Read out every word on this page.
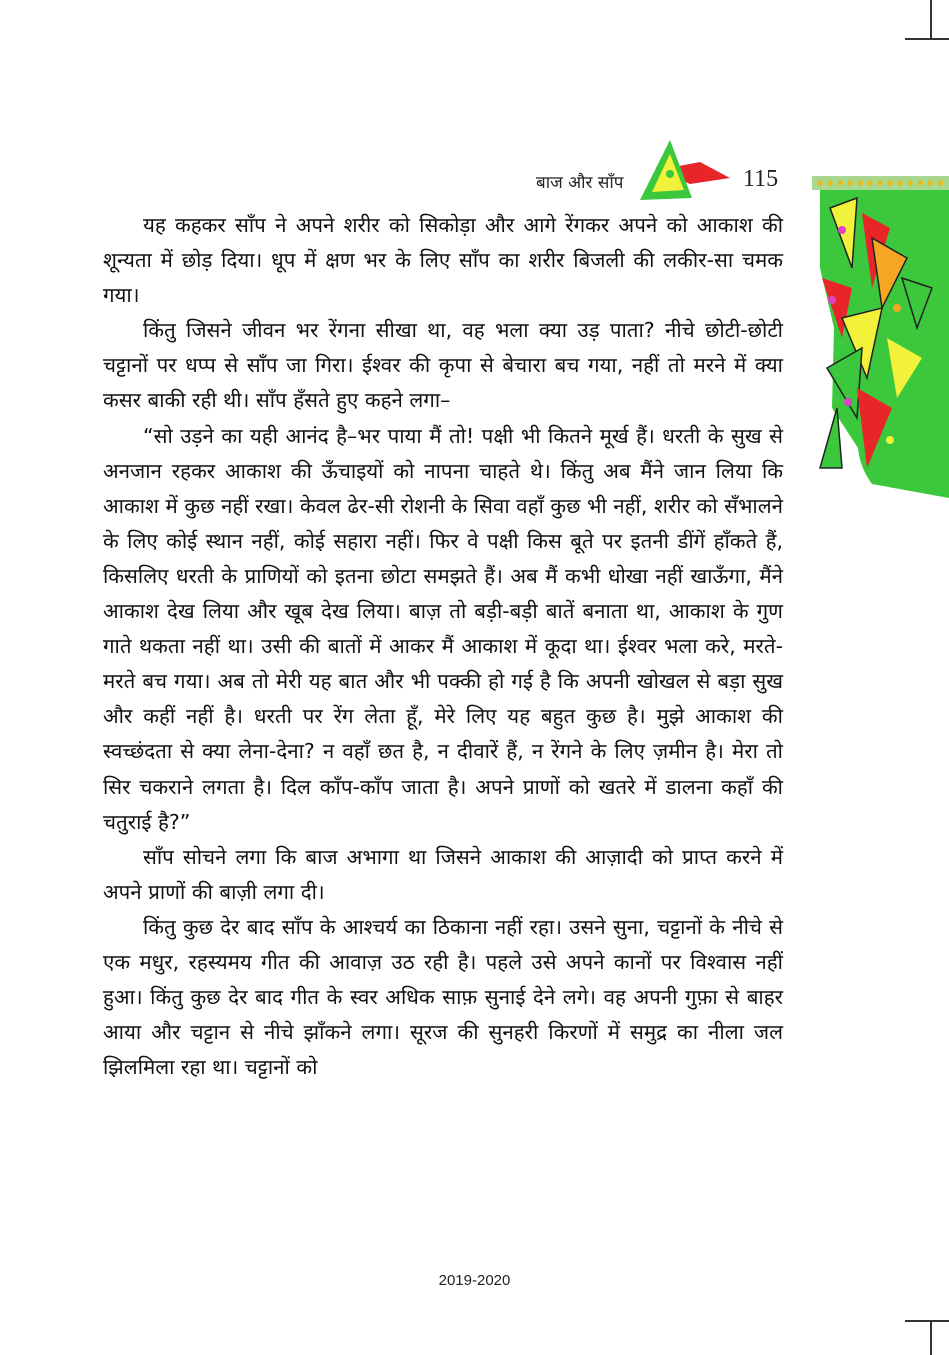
बाज और साँप	115

यह कहकर साँप ने अपने शरीर को सिकोड़ा और आगे रेंगकर अपने को आकाश की शून्यता में छोड़ दिया। धूप में क्षण भर के लिए साँप का शरीर बिजली की लकीर-सा चमक गया।

किंतु जिसने जीवन भर रेंगना सीखा था, वह भला क्या उड़ पाता? नीचे छोटी-छोटी चट्टानों पर धप्प से साँप जा गिरा। ईश्वर की कृपा से बेचारा बच गया, नहीं तो मरने में क्या कसर बाकी रही थी। साँप हँसते हुए कहने लगा–

“सो उड़ने का यही आनंद है–भर पाया मैं तो! पक्षी भी कितने मूर्ख हैं। धरती के सुख से अनजान रहकर आकाश की ऊँचाइयों को नापना चाहते थे। किंतु अब मैंने जान लिया कि आकाश में कुछ नहीं रखा। केवल ढेर-सी रोशनी के सिवा वहाँ कुछ भी नहीं, शरीर को सँभालने के लिए कोई स्थान नहीं, कोई सहारा नहीं। फिर वे पक्षी किस बूते पर इतनी डींगें हाँकते हैं, किसलिए धरती के प्राणियों को इतना छोटा समझते हैं। अब मैं कभी धोखा नहीं खाऊँगा, मैंने आकाश देख लिया और खूब देख लिया। बाज़ तो बड़ी-बड़ी बातें बनाता था, आकाश के गुण गाते थकता नहीं था। उसी की बातों में आकर मैं आकाश में कूदा था। ईश्वर भला करे, मरते-मरते बच गया। अब तो मेरी यह बात और भी पक्की हो गई है कि अपनी खोखल से बड़ा सुख और कहीं नहीं है। धरती पर रेंग लेता हूँ, मेरे लिए यह बहुत कुछ है। मुझे आकाश की स्वच्छंदता से क्या लेना-देना? न वहाँ छत है, न दीवारें हैं, न रेंगने के लिए ज़मीन है। मेरा तो सिर चकराने लगता है। दिल काँप-काँप जाता है। अपने प्राणों को खतरे में डालना कहाँ की चतुराई है?”

साँप सोचने लगा कि बाज अभागा था जिसने आकाश की आज़ादी को प्राप्त करने में अपने प्राणों की बाज़ी लगा दी।

किंतु कुछ देर बाद साँप के आश्चर्य का ठिकाना नहीं रहा। उसने सुना, चट्टानों के नीचे से एक मधुर, रहस्यमय गीत की आवाज़ उठ रही है। पहले उसे अपने कानों पर विश्वास नहीं हुआ। किंतु कुछ देर बाद गीत के स्वर अधिक साफ़ सुनाई देने लगे। वह अपनी गुफ़ा से बाहर आया और चट्टान से नीचे झाँकने लगा। सूरज की सुनहरी किरणों में समुद्र का नीला जल झिलमिला रहा था। चट्टानों को

2019-2020
